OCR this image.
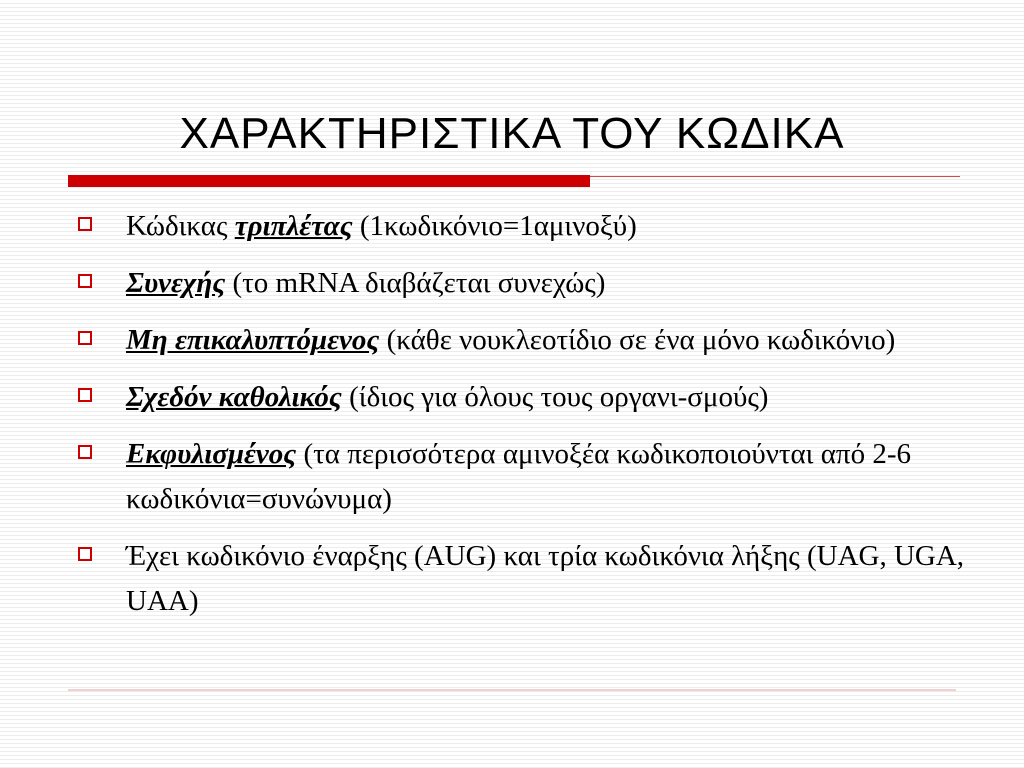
ΧΑΡΑΚΤΗΡΙΣΤΙΚΑ ΤΟΥ ΚΩΔΙΚΑ
Κώδικας τριπλέτας (1κωδικόνιο=1αμινοξύ)
Συνεχής (το mRNA διαβάζεται συνεχώς)
Μη επικαλυπτόμενος (κάθε νουκλεοτίδιο σε ένα μόνο κωδικόνιο)
Σχεδόν καθολικός (ίδιος για όλους τους οργανι-σμούς)
Εκφυλισμένος (τα περισσότερα αμινοξέα κωδικοποιούνται από 2-6 κωδικόνια=συνώνυμα)
Έχει κωδικόνιο έναρξης (AUG) και τρία κωδικόνια λήξης (UAG, UGA, UAA)
